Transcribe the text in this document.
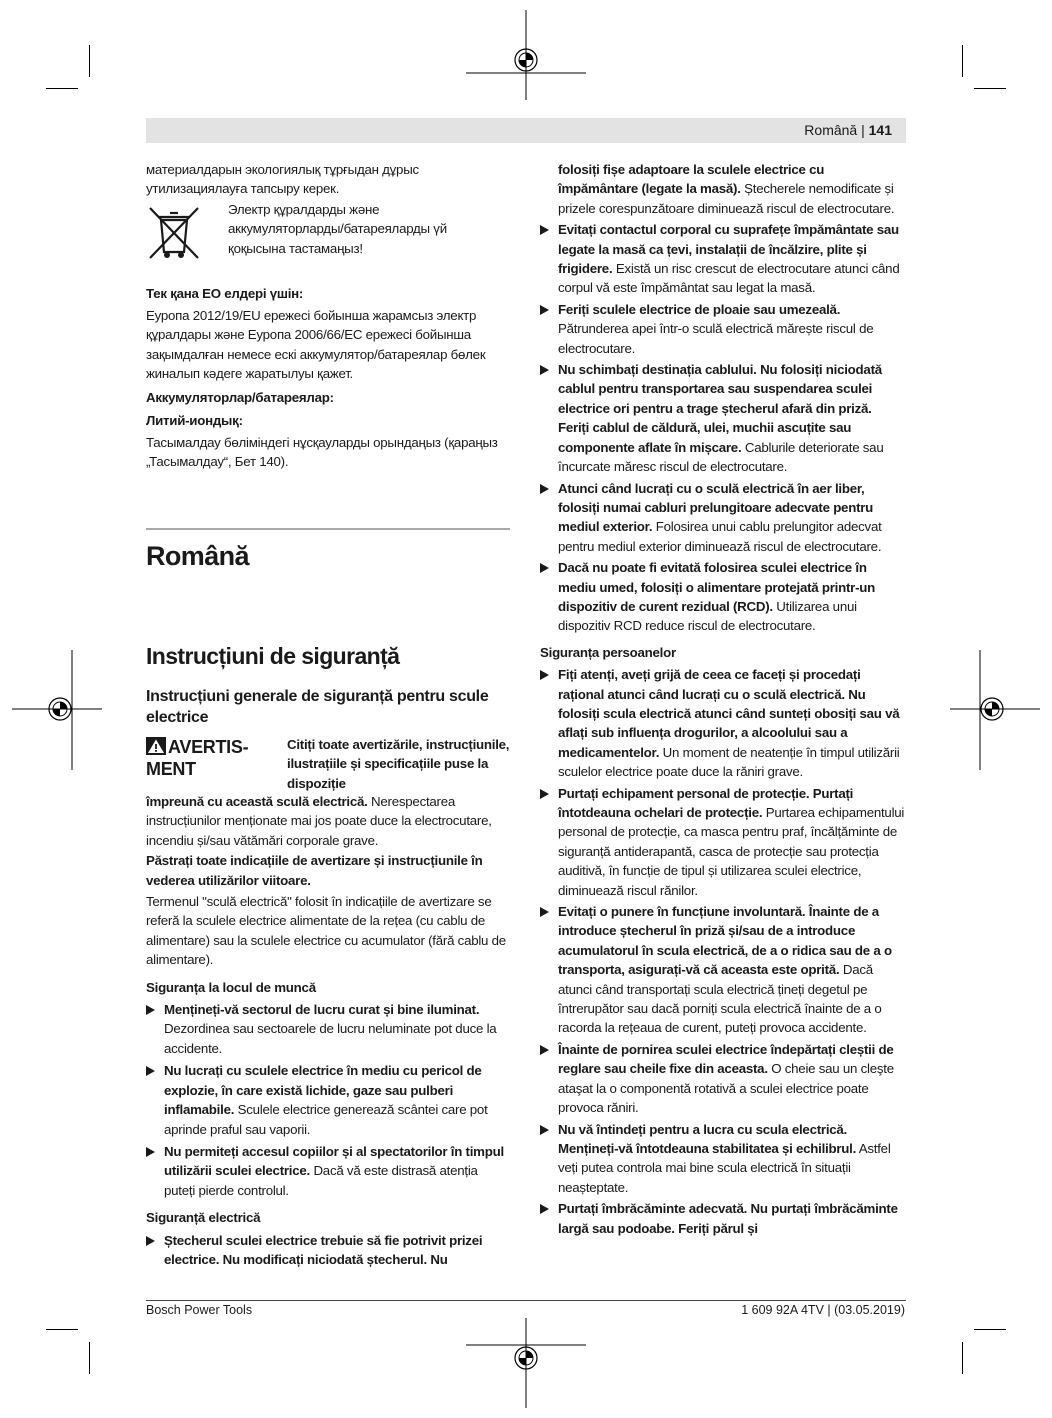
Română | 141

материалдарын экологиялық тұрғыдан дұрыс утилизациялауға тапсыру керек.

Электр құралдарды және аккумуляторларды/батареяларды үй қоқысына тастамаңыз!

Тек қана ЕО елдері үшін:

Еуропа 2012/19/EU ережесі бойынша жарамсыз электр құралдары және Еуропа 2006/66/EC ережесі бойынша зақымдалған немесе ескі аккумулятор/батареялар бөлек жиналып кәдеге жаратылуы қажет.

Аккумуляторлар/батареялар:

Литий-иондық:

Тасымалдау бөліміндегі нұсқауларды орындаңыз (қараңыз „Тасымалдау“, Бет 140).

Română
Instrucțiuni de siguranță
Instrucțiuni generale de siguranță pentru scule electrice
AVERTIS-MENT
Citiți toate avertizările, instrucțiunile, ilustrațiile și specificațiile puse la dispoziție

împreună cu această sculă electrică. Nerespectarea instrucțiunilor menționate mai jos poate duce la electrocutare, incendiu și/sau vătămări corporale grave.

Păstrați toate indicațiile de avertizare și instrucțiunile în vederea utilizărilor viitoare.

Termenul "sculă electrică" folosit în indicațiile de avertizare se referă la sculele electrice alimentate de la rețea (cu cablu de alimentare) sau la sculele electrice cu acumulator (fără cablu de alimentare).

Siguranța la locul de muncă

Mențineți-vă sectorul de lucru curat și bine iluminat. Dezordinea sau sectoarele de lucru neluminate pot duce la accidente.
Nu lucrați cu sculele electrice în mediu cu pericol de explozie, în care există lichide, gaze sau pulberi inflamabile. Sculele electrice generează scântei care pot aprinde praful sau vaporii.
Nu permiteți accesul copiilor și al spectatorilor în timpul utilizării sculei electrice. Dacă vă este distrasă atenția puteți pierde controlul.

Siguranță electrică

Ștecherul sculei electrice trebuie să fie potrivit prizei electrice. Nu modificați niciodată ștecherul. Nu
folosiți fișe adaptoare la sculele electrice cu împământare (legate la masă). Ștecherele nemodificate și prizele corespunzătoare diminuează riscul de electrocutare.
Evitați contactul corporal cu suprafețe împământate sau legate la masă ca țevi, instalații de încălzire, plite și frigidere. Există un risc crescut de electrocutare atunci când corpul vă este împământat sau legat la masă.
Feriți sculele electrice de ploaie sau umezeală. Pătrunderea apei într-o sculă electrică mărește riscul de electrocutare.
Nu schimbați destinația cablului. Nu folosiți niciodată cablul pentru transportarea sau suspendarea sculei electrice ori pentru a trage ștecherul afară din priză. Feriți cablul de căldură, ulei, muchii ascuțite sau componente aflate în mișcare. Cablurile deteriorate sau încurcate măresc riscul de electrocutare.
Atunci când lucrați cu o sculă electrică în aer liber, folosiți numai cabluri prelungitoare adecvate pentru mediul exterior. Folosirea unui cablu prelungitor adecvat pentru mediul exterior diminuează riscul de electrocutare.
Dacă nu poate fi evitată folosirea sculei electrice în mediu umed, folosiți o alimentare protejată printr-un dispozitiv de curent rezidual (RCD). Utilizarea unui dispozitiv RCD reduce riscul de electrocutare.

Siguranța persoanelor

Fiți atenți, aveți grijă de ceea ce faceți și procedați rațional atunci când lucrați cu o sculă electrică. Nu folosiți scula electrică atunci când sunteți obosiți sau vă aflați sub influența drogurilor, a alcoolului sau a medicamentelor. Un moment de neatenție în timpul utilizării sculelor electrice poate duce la răniri grave.
Purtați echipament personal de protecție. Purtați întotdeauna ochelari de protecție. Purtarea echipamentului personal de protecție, ca masca pentru praf, încălțăminte de siguranță antiderapantă, casca de protecție sau protecția auditivă, în funcție de tipul și utilizarea sculei electrice, diminuează riscul rănilor.
Evitați o punere în funcțiune involuntară. Înainte de a introduce ștecherul în priză și/sau de a introduce acumulatorul în scula electrică, de a o ridica sau de a o transporta, asigurați-vă că aceasta este oprită. Dacă atunci când transportați scula electrică țineți degetul pe întrerupător sau dacă porniți scula electrică înainte de a o racorda la rețeaua de curent, puteți provoca accidente.
Înainte de pornirea sculei electrice îndepărtați cleștii de reglare sau cheile fixe din aceasta. O cheie sau un cleşte ataşat la o componentă rotativă a sculei electrice poate provoca răniri.
Nu vă întindeți pentru a lucra cu scula electrică. Mențineți-vă întotdeauna stabilitatea și echilibrul. Astfel veți putea controla mai bine scula electrică în situații neașteptate.
Purtați îmbrăcăminte adecvată. Nu purtați îmbrăcăminte largă sau podoabe. Feriți părul și
Bosch Power Tools	1 609 92A 4TV | (03.05.2019)
